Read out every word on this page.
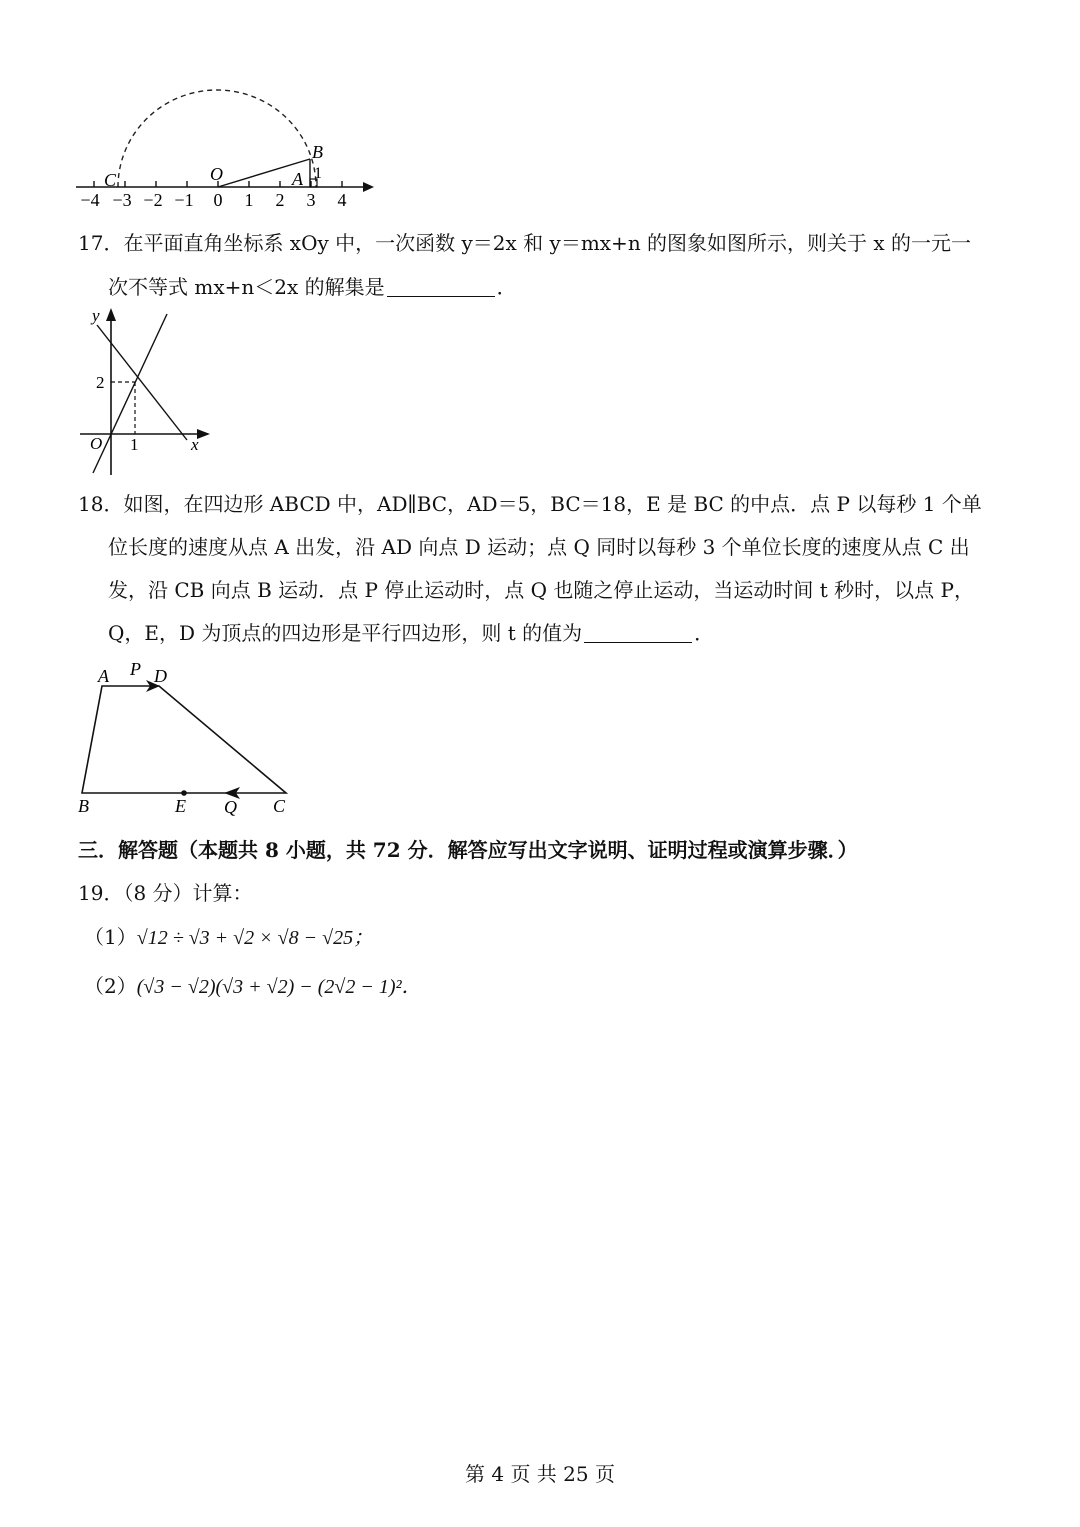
C	O	A
B
1
−4 −3 −2 −1 0 1 2 3 4
17．在平面直角坐标系 xOy 中，一次函数 y＝2x 和 y＝mx+n 的图象如图所示，则关于 x 的一元一
次不等式 mx+n＜2x 的解集是	．
y
x
O
2
1
18．如图，在四边形 ABCD 中，AD∥BC，AD＝5，BC＝18，E 是 BC 的中点．点 P 以每秒 1 个单
位长度的速度从点 A 出发，沿 AD 向点 D 运动；点 Q 同时以每秒 3 个单位长度的速度从点 C 出
发，沿 CB 向点 B 运动．点 P 停止运动时，点 Q 也随之停止运动，当运动时间 t 秒时，以点 P，
Q，E，D 为顶点的四边形是平行四边形，则 t 的值为	．
A P D
B	E Q C
三．解答题（本题共 8 小题，共 72 分．解答应写出文字说明、证明过程或演算步骤．）
19．（8 分）计算：
（1）√12 ÷ √3 + √2 × √8 − √25；
（2）(√3 − √2)(√3 + √2) − (2√2 − 1)²．
第 4 页 共 25 页
